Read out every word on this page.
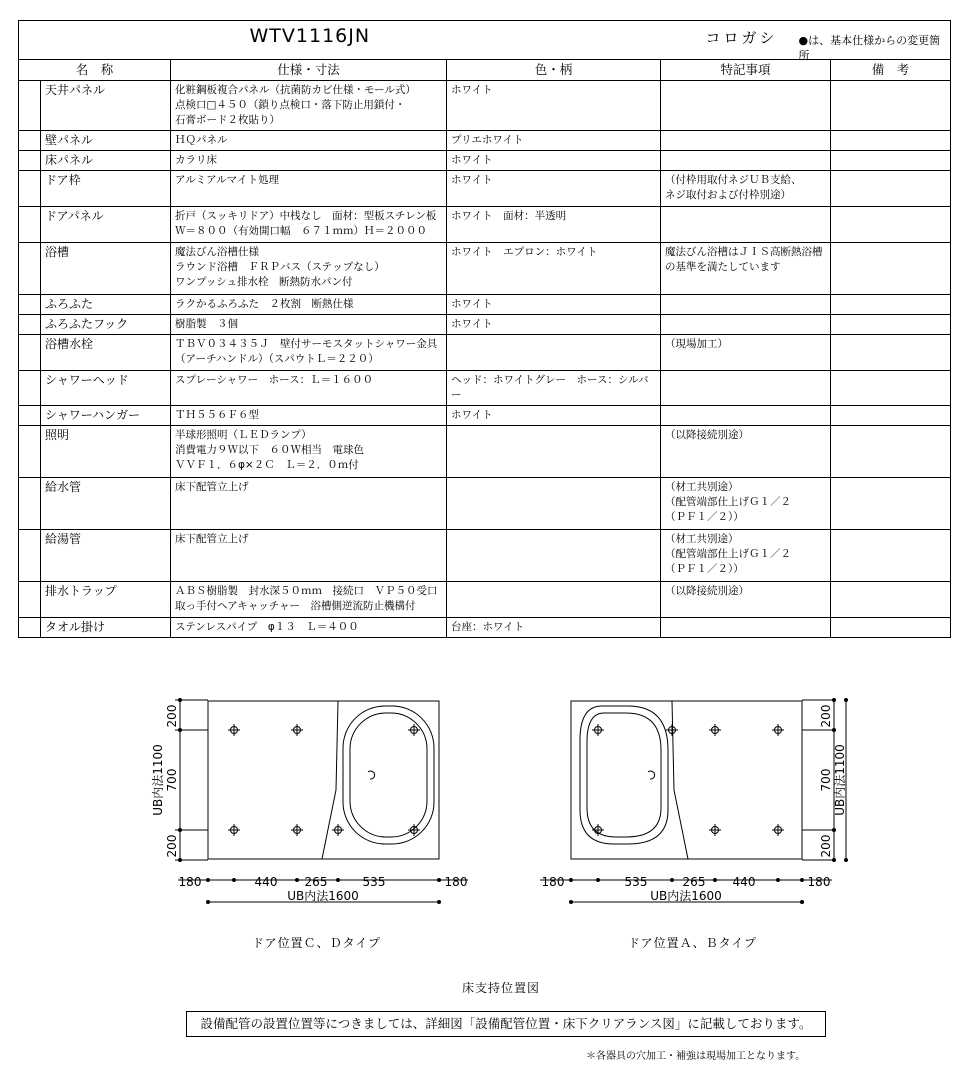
WTV1116JN コロガシ ●は、基本仕様からの変更箇所					

名　称		仕様・寸法	色・柄	特記事項	備　考
	天井パネル	化粧鋼板複合パネル（抗菌防カビ仕様・モール式）
点検口□４５０（鎖り点検口・落下防止用鎖付・
石膏ボード２枚貼り）	ホワイト		
	壁パネル	ＨＱパネル	プリエホワイト		
	床パネル	カラリ床	ホワイト		
	ドア枠	アルミアルマイト処理	ホワイト	（付枠用取付ネジＵＢ支給、
ネジ取付および付枠別途）	
	ドアパネル	折戸（スッキリドア）中桟なし　面材：型板スチレン板
Ｗ＝８００（有効開口幅　６７１ｍｍ）Ｈ＝２０００	ホワイト　面材：半透明		
	浴槽	魔法びん浴槽仕様
ラウンド浴槽　ＦＲＰバス（ステップなし）
ワンプッシュ排水栓　断熱防水パン付	ホワイト　エプロン：ホワイト	魔法びん浴槽はＪＩＳ高断熱浴槽
の基準を満たしています	
	ふろふた	ラクかるふろふた　２枚割　断熱仕様	ホワイト		
	ふろふたフック	樹脂製　３個	ホワイト		
	浴槽水栓	ＴＢＶ０３４３５Ｊ　壁付サーモスタットシャワー金具
（アーチハンドル）（スパウトＬ＝２２０）		（現場加工）	
	シャワーヘッド	スプレーシャワー　ホース：Ｌ＝１６００	ヘッド：ホワイトグレー　ホース：シルバー		
	シャワーハンガー	ＴＨ５５６Ｆ６型	ホワイト		
	照明	半球形照明（ＬＥＤランプ）
消費電力９Ｗ以下　６０Ｗ相当　電球色
ＶＶＦ１．６φ×２Ｃ　Ｌ＝２．０ｍ付		（以降接続別途）	
	給水管	床下配管立上げ		（材工共別途）
（配管端部仕上げＧ１／２
（ＰＦ１／２））	
	給湯管	床下配管立上げ		（材工共別途）
（配管端部仕上げＧ１／２
（ＰＦ１／２））	
	排水トラップ	ＡＢＳ樹脂製　封水深５０ｍｍ　接続口　ＶＰ５０受口
取っ手付ヘアキャッチャー　浴槽側逆流防止機構付		（以降接続別途）	
	タオル掛け	ステンレスパイプ　φ１３　Ｌ＝４００	台座：ホワイト		
200
700
200
UB内法1100
180	440 265	535	180
UB内法1600
200
700
200
UB内法1100
180	535	265 440	180
UB内法1600
ドア位置Ｃ、Ｄタイプ	ドア位置Ａ、Ｂタイプ
床支持位置図
設備配管の設置位置等につきましては、詳細図「設備配管位置・床下クリアランス図」に記載しております。
＊各器具の穴加工・補強は現場加工となります。
